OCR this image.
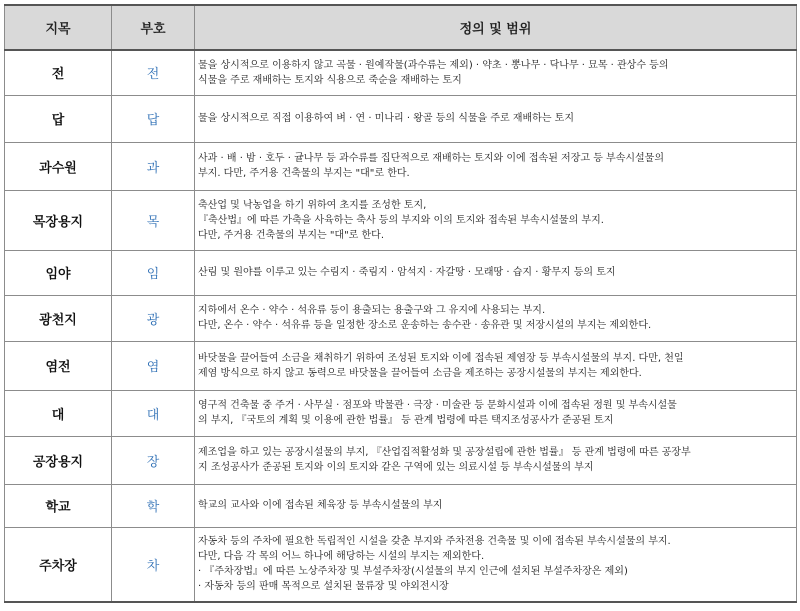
지목	부호	정의 및 범위
전	전	물을 상시적으로 이용하지 않고 곡물 · 원예작물(과수류는 제외) · 약초 · 뽕나무 · 닥나무 · 묘목 · 관상수 등의
식물을 주로 재배하는 토지와 식용으로 죽순을 재배하는 토지

답	답	물을 상시적으로 직접 이용하여 벼 · 연 · 미나리 · 왕골 등의 식물을 주로 재배하는 토지

과수원	과	사과 · 배 · 밤 · 호두 · 귤나무 등 과수류를 집단적으로 재배하는 토지와 이에 접속된 저장고 등 부속시설물의
부지. 다만, 주거용 건축물의 부지는 "대"로 한다.

목장용지	목	축산업 및 낙농업을 하기 위하여 초지를 조성한 토지,
『축산법』에 따른 가축을 사육하는 축사 등의 부지와 이의 토지와 접속된 부속시설물의 부지.
다만, 주거용 건축물의 부지는 "대"로 한다.

임야	임	산림 및 원야를 이루고 있는 수림지 · 죽림지 · 암석지 · 자갈땅 · 모래땅 · 습지 · 황무지 등의 토지

광천지	광	지하에서 온수 · 약수 · 석유류 등이 용출되는 용출구와 그 유지에 사용되는 부지.
다만, 온수 · 약수 · 석유류 등을 일정한 장소로 운송하는 송수관 · 송유관 및 저장시설의 부지는 제외한다.

염전	염	바닷물을 끌어들여 소금을 채취하기 위하여 조성된 토지와 이에 접속된 제염장 등 부속시설물의 부지. 다만, 천일
제염 방식으로 하지 않고 동력으로 바닷물을 끌어들여 소금을 제조하는 공장시설물의 부지는 제외한다.

대	대	영구적 건축물 중 주거 · 사무실 · 점포와 박물관 · 극장 · 미술관 등 문화시설과 이에 접속된 정원 및 부속시설물
의 부지, 『국토의 계획 및 이용에 관한 법률』 등 관계 법령에 따른 택지조성공사가 준공된 토지

공장용지	장	제조업을 하고 있는 공장시설물의 부지, 『산업집적활성화 및 공장설립에 관한 법률』 등 관계 법령에 따른 공장부
지 조성공사가 준공된 토지와 이의 토지와 같은 구역에 있는 의료시설 등 부속시설물의 부지

학교	학	학교의 교사와 이에 접속된 체육장 등 부속시설물의 부지

주차장	차	자동차 등의 주차에 필요한 독립적인 시설을 갖춘 부지와 주차전용 건축물 및 이에 접속된 부속시설물의 부지.
다만, 다음 각 목의 어느 하나에 해당하는 시설의 부지는 제외한다.
· 『주차장법』에 따른 노상주차장 및 부설주차장(시설물의 부지 인근에 설치된 부설주차장은 제외)
· 자동차 등의 판매 목적으로 설치된 물류장 및 야외전시장
